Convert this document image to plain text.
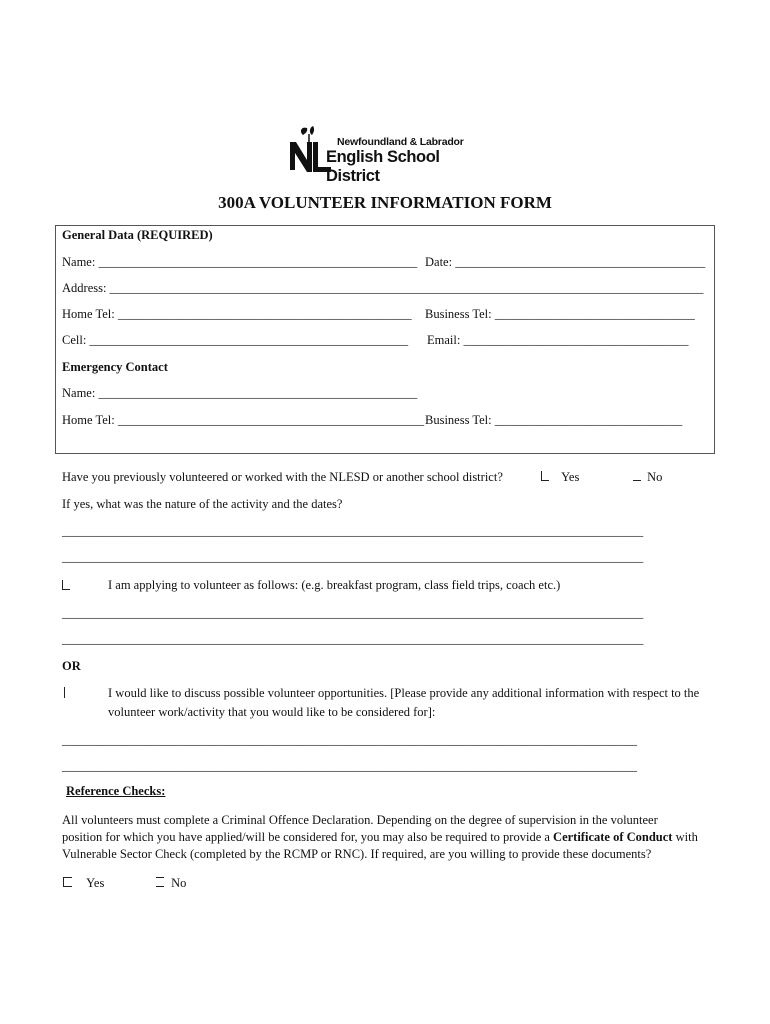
Newfoundland & Labrador
English School District
300A VOLUNTEER INFORMATION FORM
General Data (REQUIRED)
Name: ___________________________________________________ Date: ________________________________________
Address: _______________________________________________________________________________________________
Home Tel: _______________________________________________ Business Tel: ________________________________
Cell: ___________________________________________________ Email: ____________________________________
Emergency Contact
Name: ___________________________________________________
Home Tel: _________________________________________________ Business Tel: ______________________________
Have you previously volunteered or worked with the NLESD or another school district?	Yes	No
If yes, what was the nature of the activity and the dates?
_____________________________________________________________________________________________
_____________________________________________________________________________________________
I am applying to volunteer as follows: (e.g. breakfast program, class field trips, coach etc.)
_____________________________________________________________________________________________
_____________________________________________________________________________________________
OR
I would like to discuss possible volunteer opportunities. [Please provide any additional information with respect to the
volunteer work/activity that you would like to be considered for]:
____________________________________________________________________________________________
____________________________________________________________________________________________
Reference Checks:
All volunteers must complete a Criminal Offence Declaration. Depending on the degree of supervision in the volunteer
position for which you have applied/will be considered for, you may also be required to provide a Certificate of Conduct with
Vulnerable Sector Check (completed by the RCMP or RNC). If required, are you willing to provide these documents?
Yes	No
